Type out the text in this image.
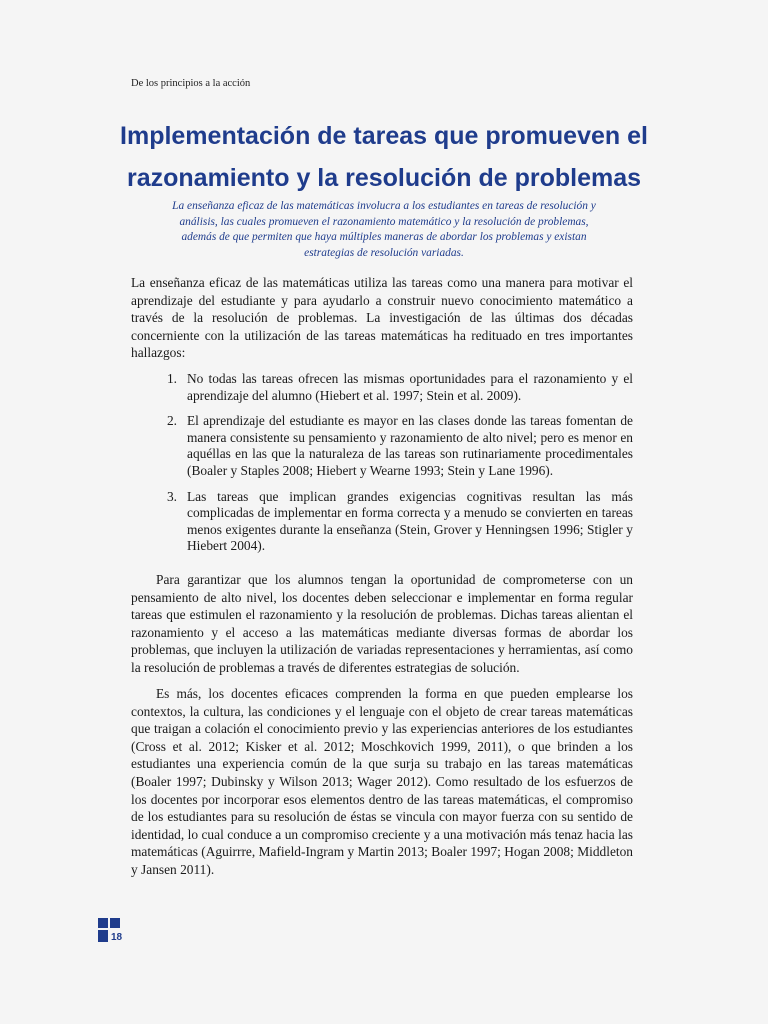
De los principios a la acción
Implementación de tareas que promueven el razonamiento y la resolución de problemas

La enseñanza eficaz de las matemáticas involucra a los estudiantes en tareas de resolución y análisis, las cuales promueven el razonamiento matemático y la resolución de problemas, además de que permiten que haya múltiples maneras de abordar los problemas y existan estrategias de resolución variadas.

La enseñanza eficaz de las matemáticas utiliza las tareas como una manera para motivar el aprendizaje del estudiante y para ayudarlo a construir nuevo conocimiento matemático a través de la resolución de problemas. La investigación de las últimas dos décadas concerniente con la utilización de las tareas matemáticas ha redituado en tres importantes hallazgos:

1. No todas las tareas ofrecen las mismas oportunidades para el razonamiento y el aprendizaje del alumno (Hiebert et al. 1997; Stein et al. 2009).
2. El aprendizaje del estudiante es mayor en las clases donde las tareas fomentan de manera consistente su pensamiento y razonamiento de alto nivel; pero es menor en aquéllas en las que la naturaleza de las tareas son rutinariamente procedimentales (Boaler y Staples 2008; Hiebert y Wearne 1993; Stein y Lane 1996).
3. Las tareas que implican grandes exigencias cognitivas resultan las más complicadas de implementar en forma correcta y a menudo se convierten en tareas menos exigentes durante la enseñanza (Stein, Grover y Henningsen 1996; Stigler y Hiebert 2004).

Para garantizar que los alumnos tengan la oportunidad de comprometerse con un pensamiento de alto nivel, los docentes deben seleccionar e implementar en forma regular tareas que estimulen el razonamiento y la resolución de problemas. Dichas tareas alientan el razonamiento y el acceso a las matemáticas mediante diversas formas de abordar los problemas, que incluyen la utilización de variadas representaciones y herramientas, así como la resolución de problemas a través de diferentes estrategias de solución.

Es más, los docentes eficaces comprenden la forma en que pueden emplearse los contextos, la cultura, las condiciones y el lenguaje con el objeto de crear tareas matemáticas que traigan a colación el conocimiento previo y las experiencias anteriores de los estudiantes (Cross et al. 2012; Kisker et al. 2012; Moschkovich 1999, 2011), o que brinden a los estudiantes una experiencia común de la que surja su trabajo en las tareas matemáticas (Boaler 1997; Dubinsky y Wilson 2013; Wager 2012). Como resultado de los esfuerzos de los docentes por incorporar esos elementos dentro de las tareas matemáticas, el compromiso de los estudiantes para su resolución de éstas se vincula con mayor fuerza con su sentido de identidad, lo cual conduce a un compromiso creciente y a una motivación más tenaz hacia las matemáticas (Aguirrre, Mafield-Ingram y Martin 2013; Boaler 1997; Hogan 2008; Middleton y Jansen 2011).

18
